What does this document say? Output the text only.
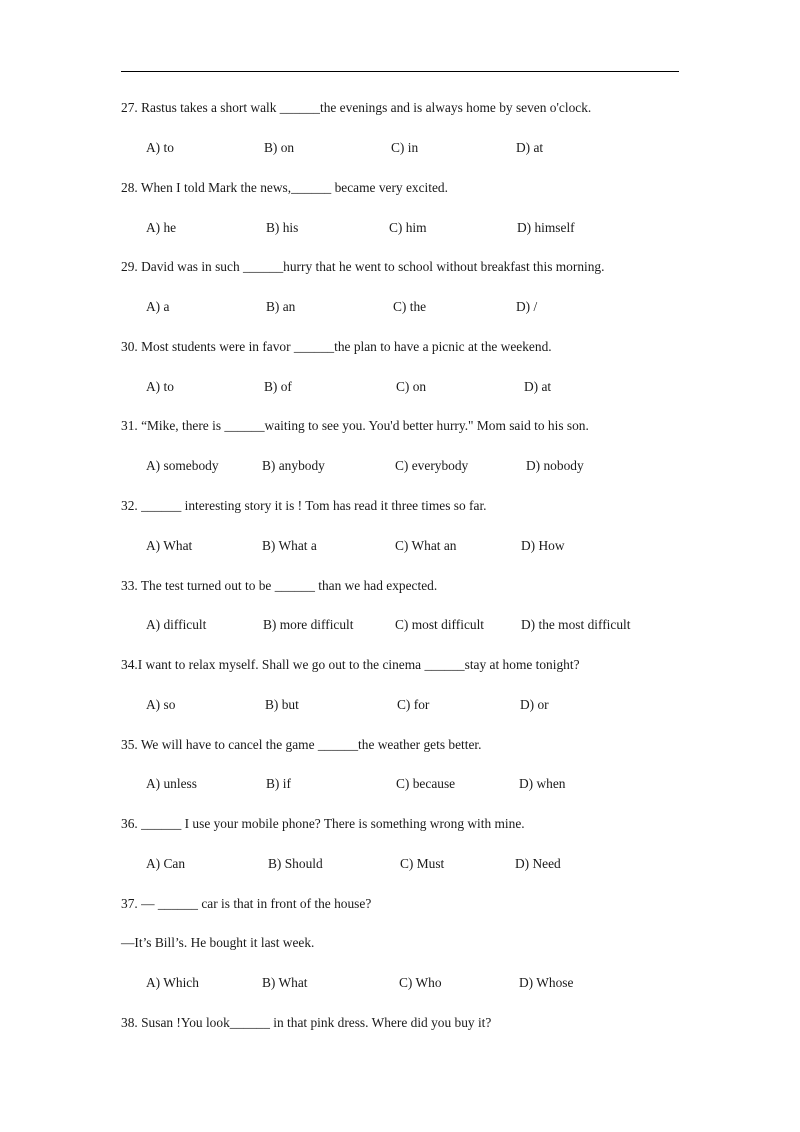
27. Rastus takes a short walk ______the evenings and is always home by seven o'clock.
A) to	B) on	C) in	D) at
28. When I told Mark the news,______ became very excited.
A) he	B) his	C) him	D) himself
29. David was in such ______hurry that he went to school without breakfast this morning.
A) a	B) an	C) the	D) /
30. Most students were in favor ______the plan to have a picnic at the weekend.
A) to	B) of	C) on	D) at
31. “Mike, there is ______waiting to see you. You'd better hurry." Mom said to his son.
A) somebody	B) anybody	C) everybody	D) nobody
32. ______ interesting story it is ! Tom has read it three times so far.
A) What	B) What a	C) What an	D) How
33. The test turned out to be ______ than we had expected.
A) difficult	B) more difficult	C) most difficult	D) the most difficult
34.I want to relax myself. Shall we go out to the cinema ______stay at home tonight?
A) so	B) but	C) for	D) or
35. We will have to cancel the game ______the weather gets better.
A) unless	B) if	C) because	D) when
36. ______ I use your mobile phone? There is something wrong with mine.
A) Can	B) Should	C) Must	D) Need
37. — ______ car is that in front of the house?
—It’s Bill’s. He bought it last week.
A) Which	B) What	C) Who	D) Whose
38. Susan !You look______ in that pink dress. Where did you buy it?
